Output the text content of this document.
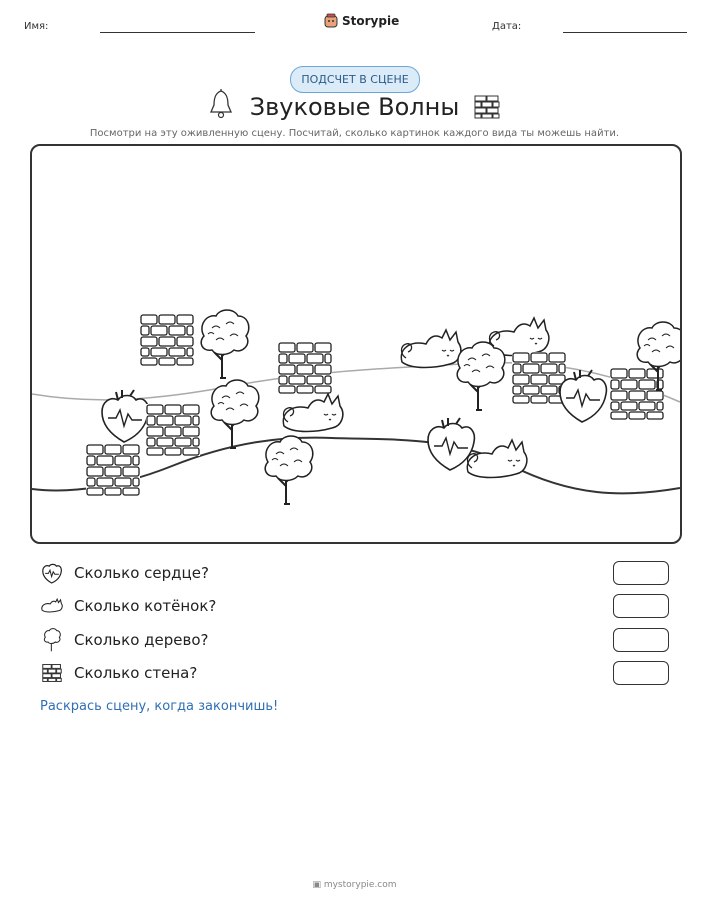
Имя:	Storypie	Дата:
ПОДСЧЕТ В СЦЕНЕ
Звуковые Волны
Посмотри на эту оживленную сцену. Посчитай, сколько картинок каждого вида ты можешь найти.
Сколько сердце?
Сколько котёнок?
Сколько дерево?
Сколько стена?
Раскрась сцену, когда закончишь!
▣ mystorypie.com
